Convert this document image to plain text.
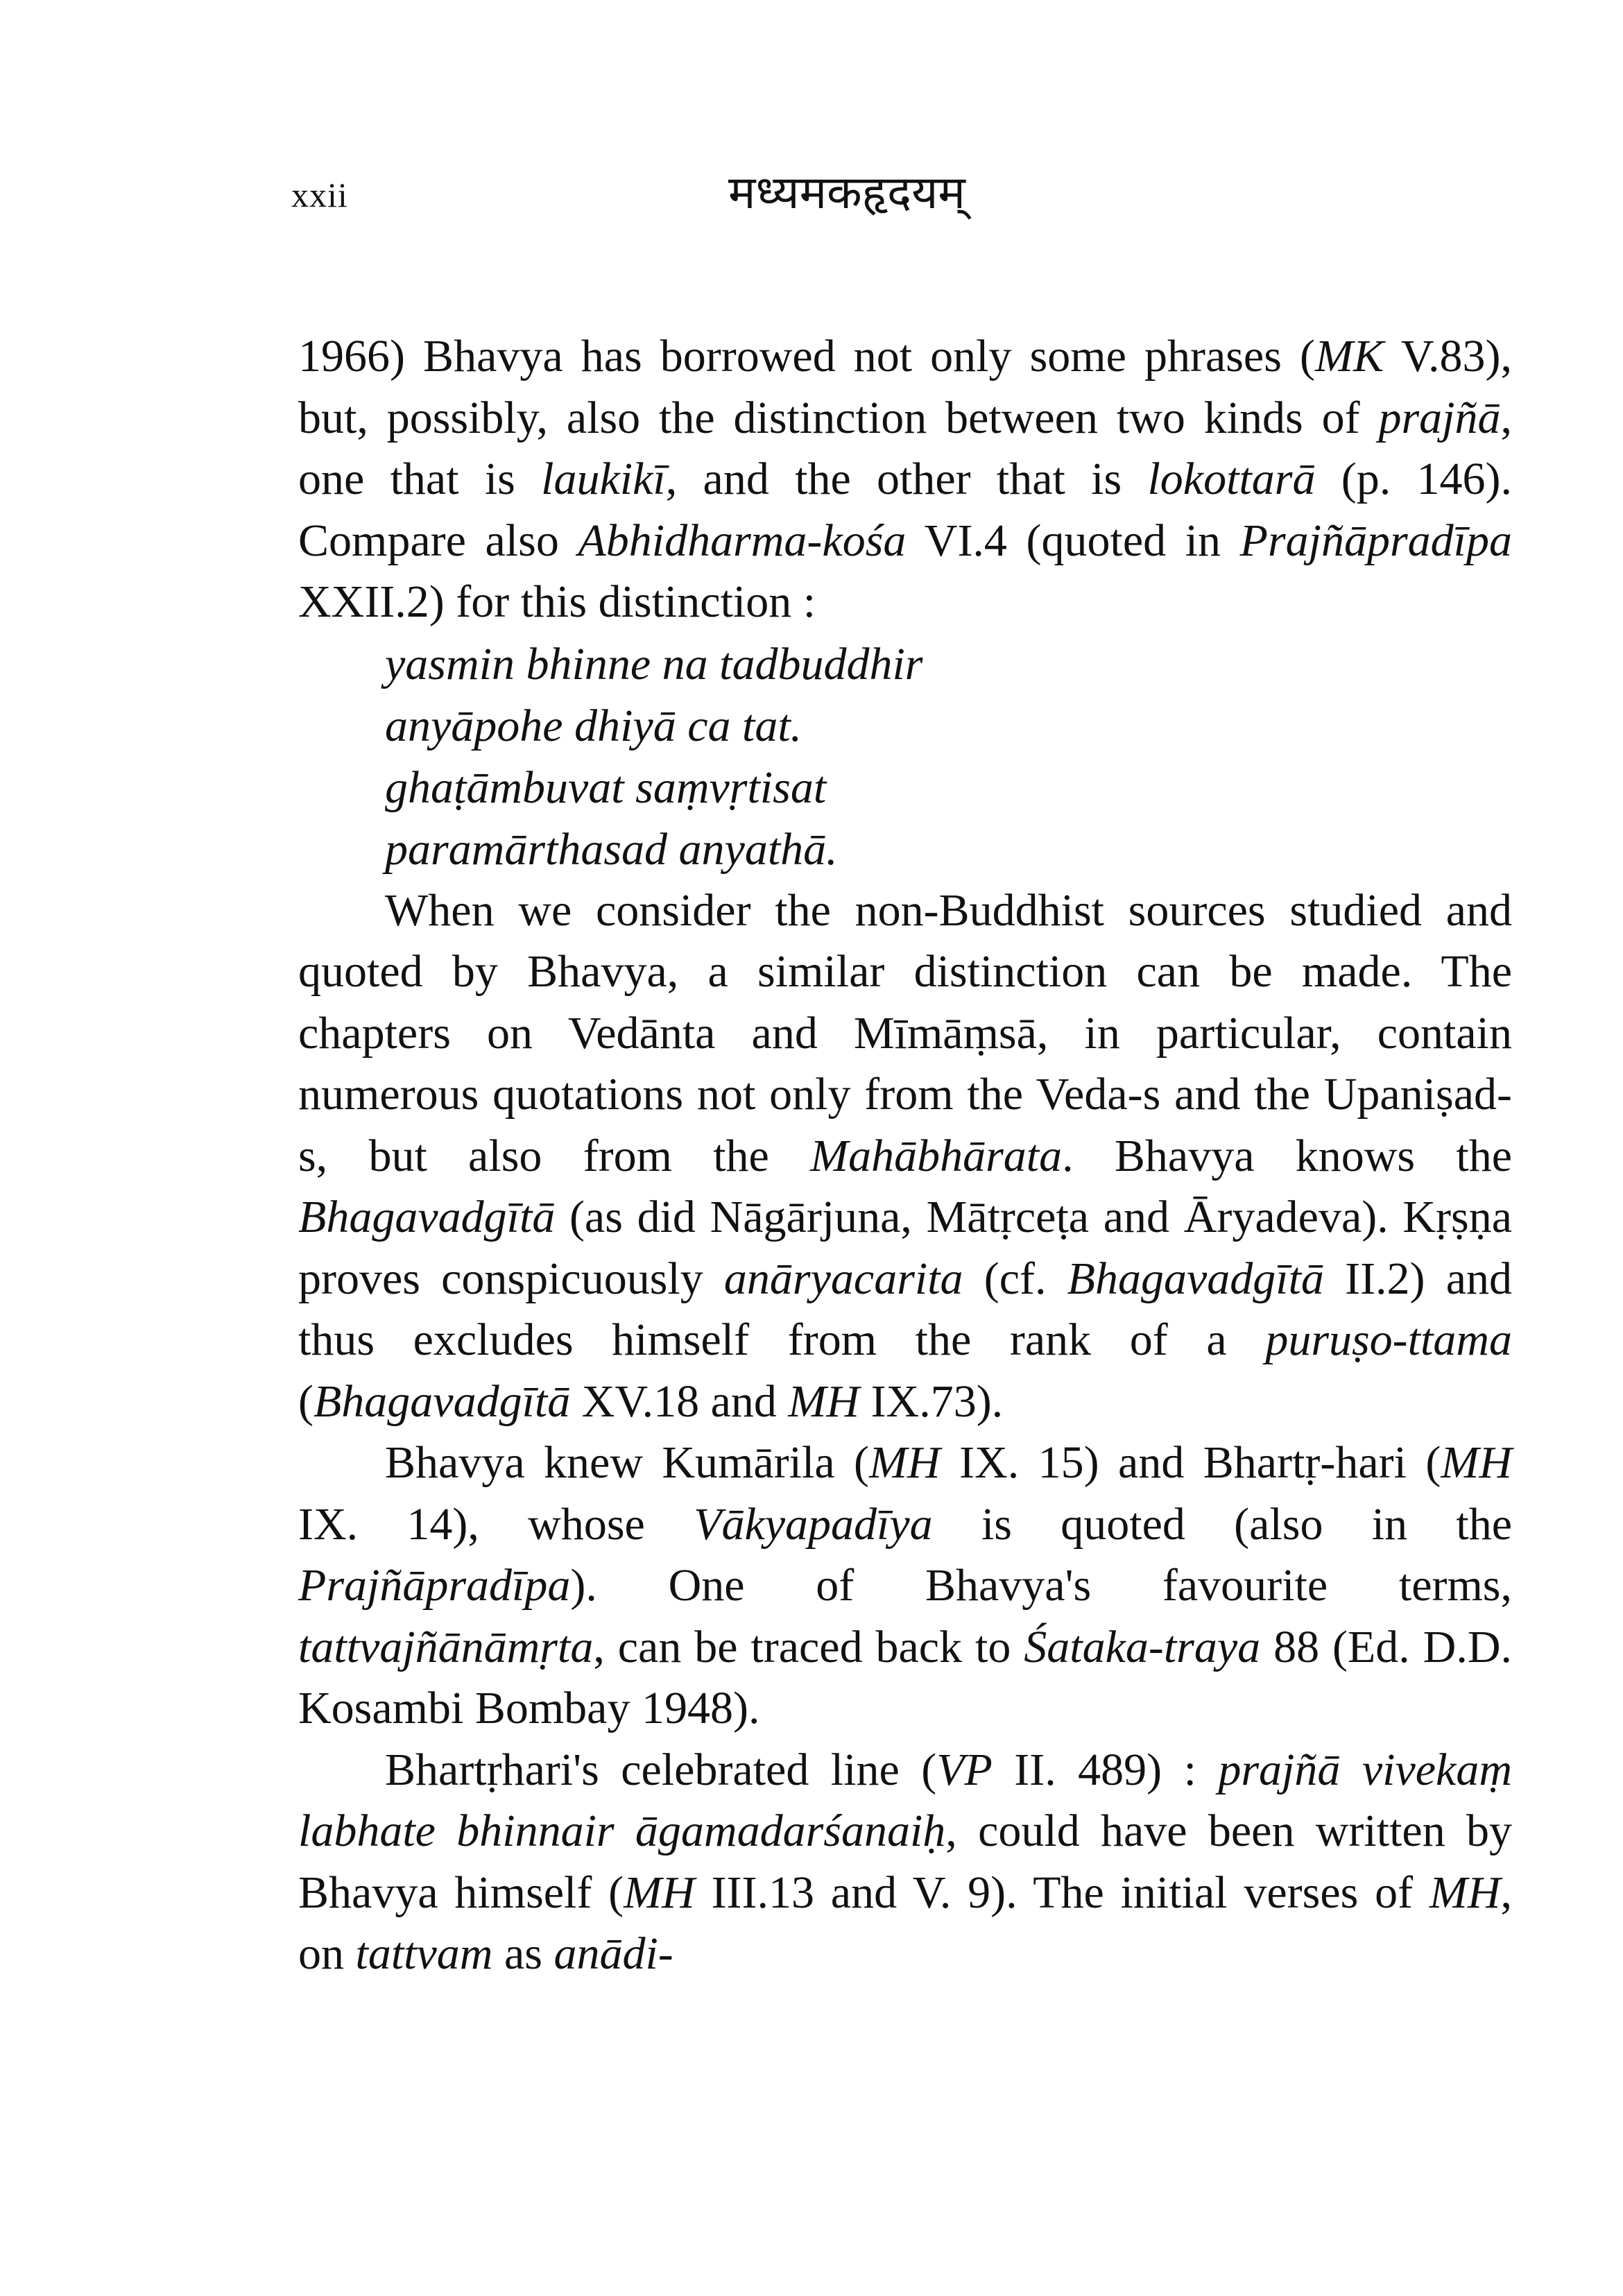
xxii	मध्यमकहृदयम्

1966) Bhavya has borrowed not only some phrases (MK V.83), but, possibly, also the distinction between two kinds of prajñā, one that is laukikī, and the other that is lokottarā (p. 146). Compare also Abhidharma-kośa VI.4 (quoted in Prajñāpradīpa XXII.2) for this distinction :

yasmin bhinne na tadbuddhir
anyāpohe dhiyā ca tat.
ghaṭāmbuvat saṃvṛtisat
paramārthasad anyathā.

When we consider the non-Buddhist sources studied and quoted by Bhavya, a similar distinction can be made. The chapters on Vedānta and Mīmāṃsā, in particular, contain numerous quotations not only from the Veda-s and the Upaniṣad-s, but also from the Mahābhārata. Bhavya knows the Bhagavadgītā (as did Nāgārjuna, Mātṛceṭa and Āryadeva). Kṛṣṇa proves conspicuously anāryacarita (cf. Bhagavadgītā II.2) and thus excludes himself from the rank of a puruṣo-ttama (Bhagavadgītā XV.18 and MH IX.73).

Bhavya knew Kumārila (MH IX. 15) and Bhartṛ-hari (MH IX. 14), whose Vākyapadīya is quoted (also in the Prajñāpradīpa). One of Bhavya's favourite terms, tattvajñānāmṛta, can be traced back to Śataka-traya 88 (Ed. D.D. Kosambi Bombay 1948).

Bhartṛhari's celebrated line (VP II. 489) : prajñā vivekaṃ labhate bhinnair āgamadarśanaiḥ, could have been written by Bhavya himself (MH III.13 and V. 9). The initial verses of MH, on tattvam as anādi-
